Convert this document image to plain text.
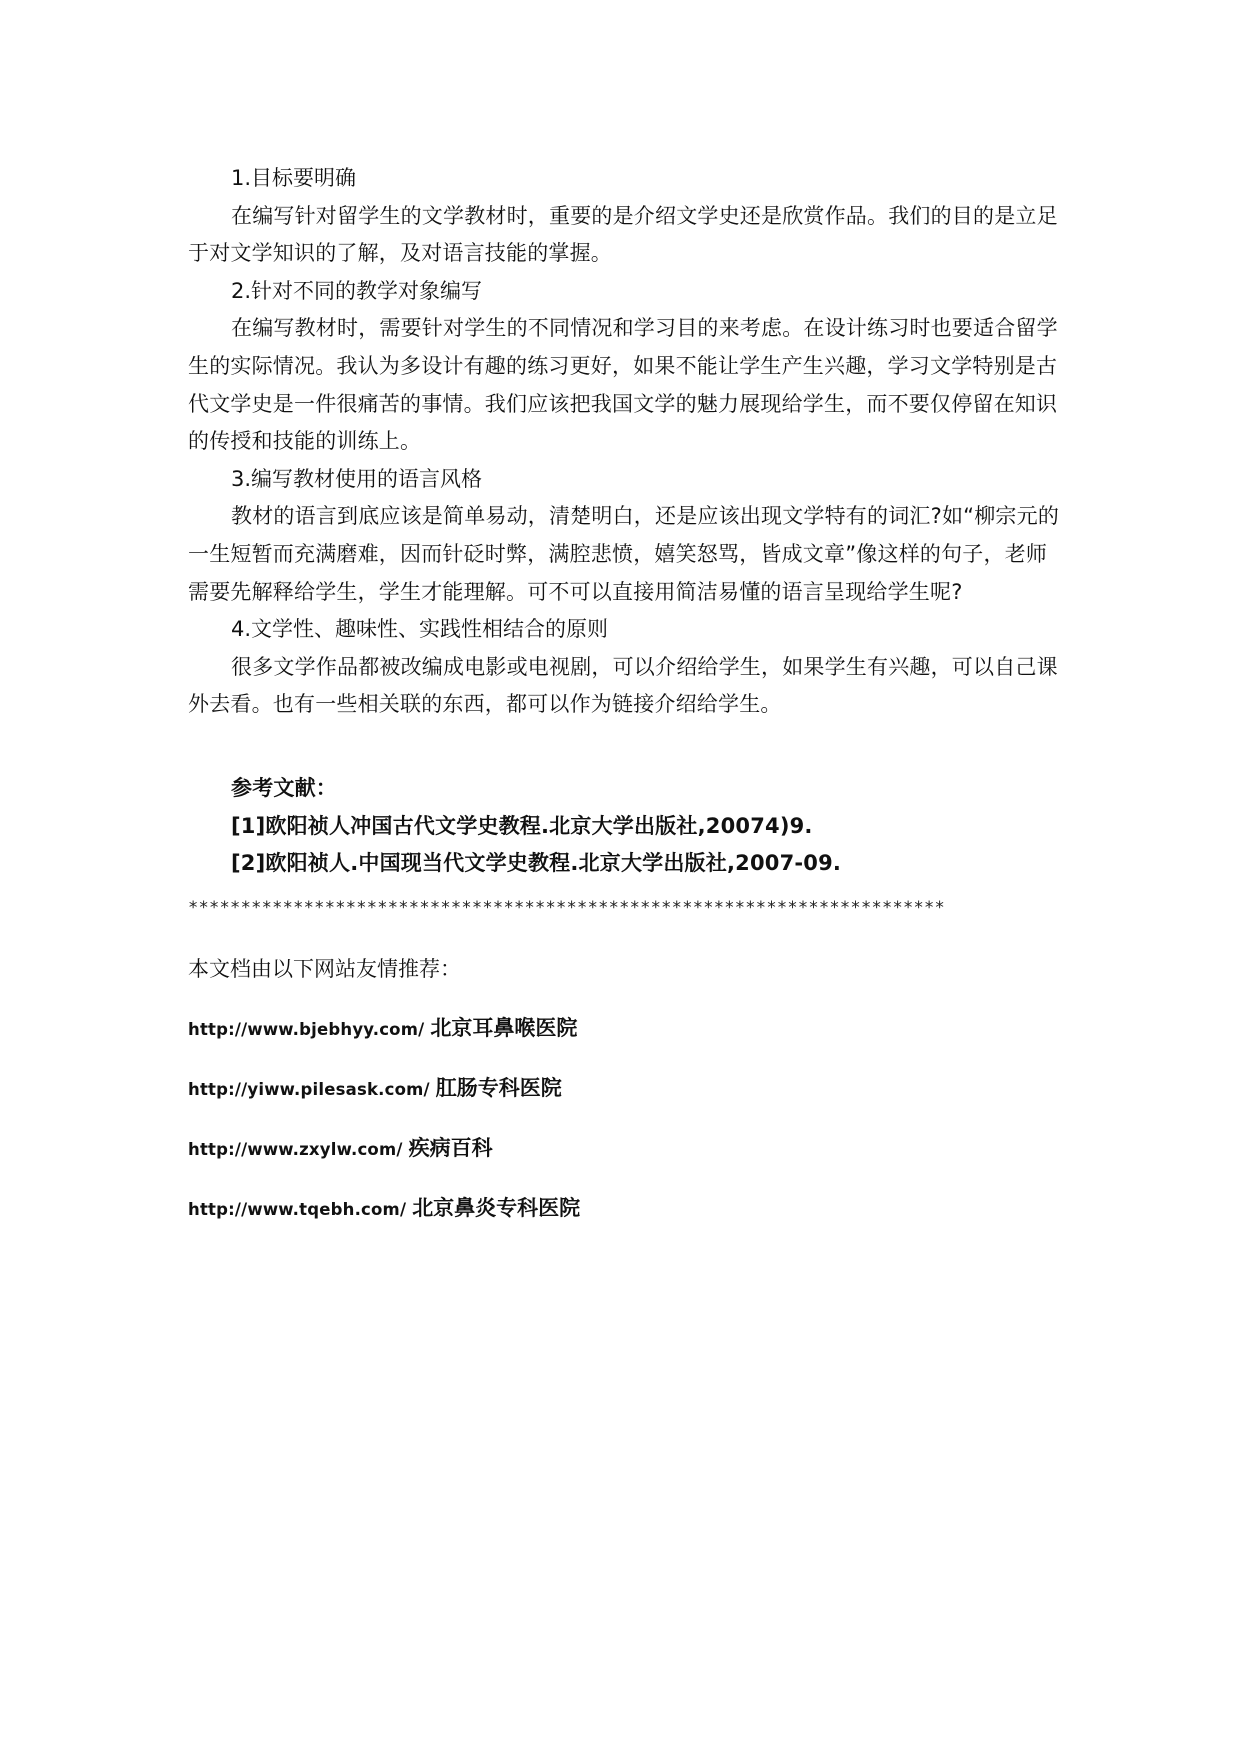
1.目标要明确

在编写针对留学生的文学教材时，重要的是介绍文学史还是欣赏作品。我们的目的是立足于对文学知识的了解，及对语言技能的掌握。

2.针对不同的教学对象编写

在编写教材时，需要针对学生的不同情况和学习目的来考虑。在设计练习时也要适合留学生的实际情况。我认为多设计有趣的练习更好，如果不能让学生产生兴趣，学习文学特别是古代文学史是一件很痛苦的事情。我们应该把我国文学的魅力展现给学生，而不要仅停留在知识的传授和技能的训练上。

3.编写教材使用的语言风格

教材的语言到底应该是简单易动，清楚明白，还是应该出现文学特有的词汇?如“柳宗元的一生短暂而充满磨难，因而针砭时弊，满腔悲愤，嬉笑怒骂，皆成文章”像这样的句子，老师需要先解释给学生，学生才能理解。可不可以直接用简洁易懂的语言呈现给学生呢?

4.文学性、趣味性、实践性相结合的原则

很多文学作品都被改编成电影或电视剧，可以介绍给学生，如果学生有兴趣，可以自己课外去看。也有一些相关联的东西，都可以作为链接介绍给学生。

参考文献：

[1]欧阳祯人冲国古代文学史教程.北京大学出版社,20074)9.

[2]欧阳祯人.中国现当代文学史教程.北京大学出版社,2007-09.

************************************************************************
本文档由以下网站友情推荐：
http://www.bjebhyy.com/ 北京耳鼻喉医院
http://yiww.pilesask.com/ 肛肠专科医院
http://www.zxylw.com/ 疾病百科
http://www.tqebh.com/ 北京鼻炎专科医院
